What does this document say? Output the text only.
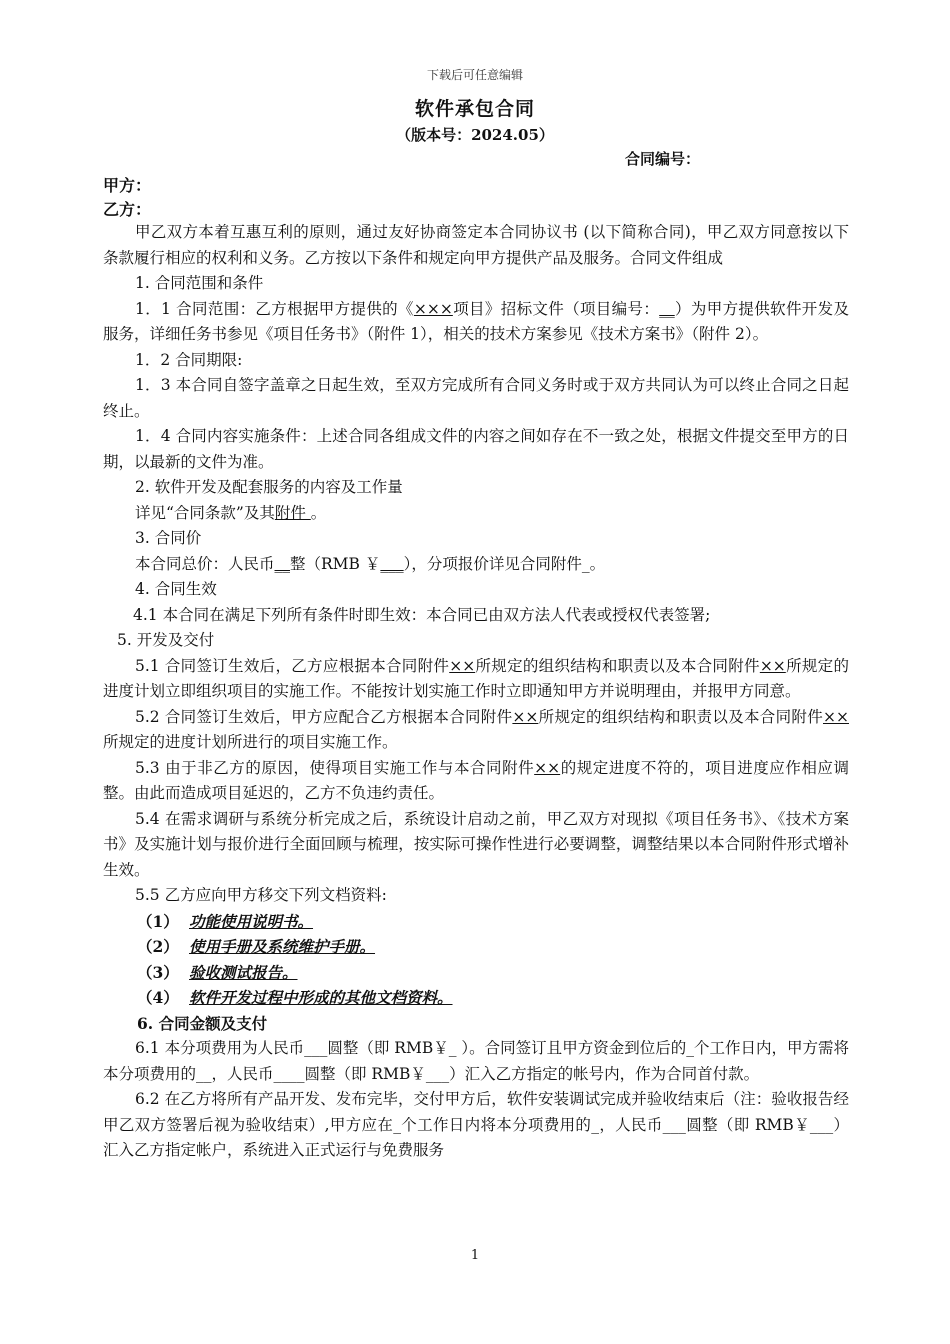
下载后可任意编辑
软件承包合同
（版本号：2024.05）
合同编号：
甲方：
乙方：

甲乙双方本着互惠互利的原则，通过友好协商签定本合同协议书 (以下简称合同)，甲乙双方同意按以下条款履行相应的权利和义务。乙方按以下条件和规定向甲方提供产品及服务。合同文件组成

1. 合同范围和条件

1．1 合同范围：乙方根据甲方提供的《×××项目》招标文件（项目编号：__）为甲方提供软件开发及服务，详细任务书参见《项目任务书》（附件 1），相关的技术方案参见《技术方案书》（附件 2）。

1．2 合同期限:

1．3 本合同自签字盖章之日起生效，至双方完成所有合同义务时或于双方共同认为可以终止合同之日起终止。

1．4 合同内容实施条件：上述合同各组成文件的内容之间如存在不一致之处，根据文件提交至甲方的日期，以最新的文件为准。

2. 软件开发及配套服务的内容及工作量

详见“合同条款”及其附件 。

3. 合同价

本合同总价：人民币__整（RMB ￥___），分项报价详见合同附件_。

4. 合同生效

4.1 本合同在满足下列所有条件时即生效：本合同已由双方法人代表或授权代表签署;

5. 开发及交付

5.1 合同签订生效后，乙方应根据本合同附件××所规定的组织结构和职责以及本合同附件××所规定的进度计划立即组织项目的实施工作。不能按计划实施工作时立即通知甲方并说明理由，并报甲方同意。

5.2 合同签订生效后，甲方应配合乙方根据本合同附件××所规定的组织结构和职责以及本合同附件××所规定的进度计划所进行的项目实施工作。

5.3 由于非乙方的原因，使得项目实施工作与本合同附件××的规定进度不符的，项目进度应作相应调整。由此而造成项目延迟的，乙方不负违约责任。

5.4 在需求调研与系统分析完成之后，系统设计启动之前，甲乙双方对现拟《项目任务书》、《技术方案书》及实施计划与报价进行全面回顾与梳理，按实际可操作性进行必要调整，调整结果以本合同附件形式增补生效。

5.5 乙方应向甲方移交下列文档资料:

（1） 功能使用说明书。

（2） 使用手册及系统维护手册。

（3） 验收测试报告。

（4） 软件开发过程中形成的其他文档资料。

6. 合同金额及支付

6.1 本分项费用为人民币___圆整（即 RMB￥_ ）。合同签订且甲方资金到位后的_个工作日内，甲方需将本分项费用的__，人民币____圆整（即 RMB￥___）汇入乙方指定的帐号内，作为合同首付款。

6.2 在乙方将所有产品开发、发布完毕，交付甲方后，软件安装调试完成并验收结束后（注：验收报告经甲乙双方签署后视为验收结束）,甲方应在_个工作日内将本分项费用的_，人民币___圆整（即 RMB￥___）汇入乙方指定帐户，系统进入正式运行与免费服务

1
